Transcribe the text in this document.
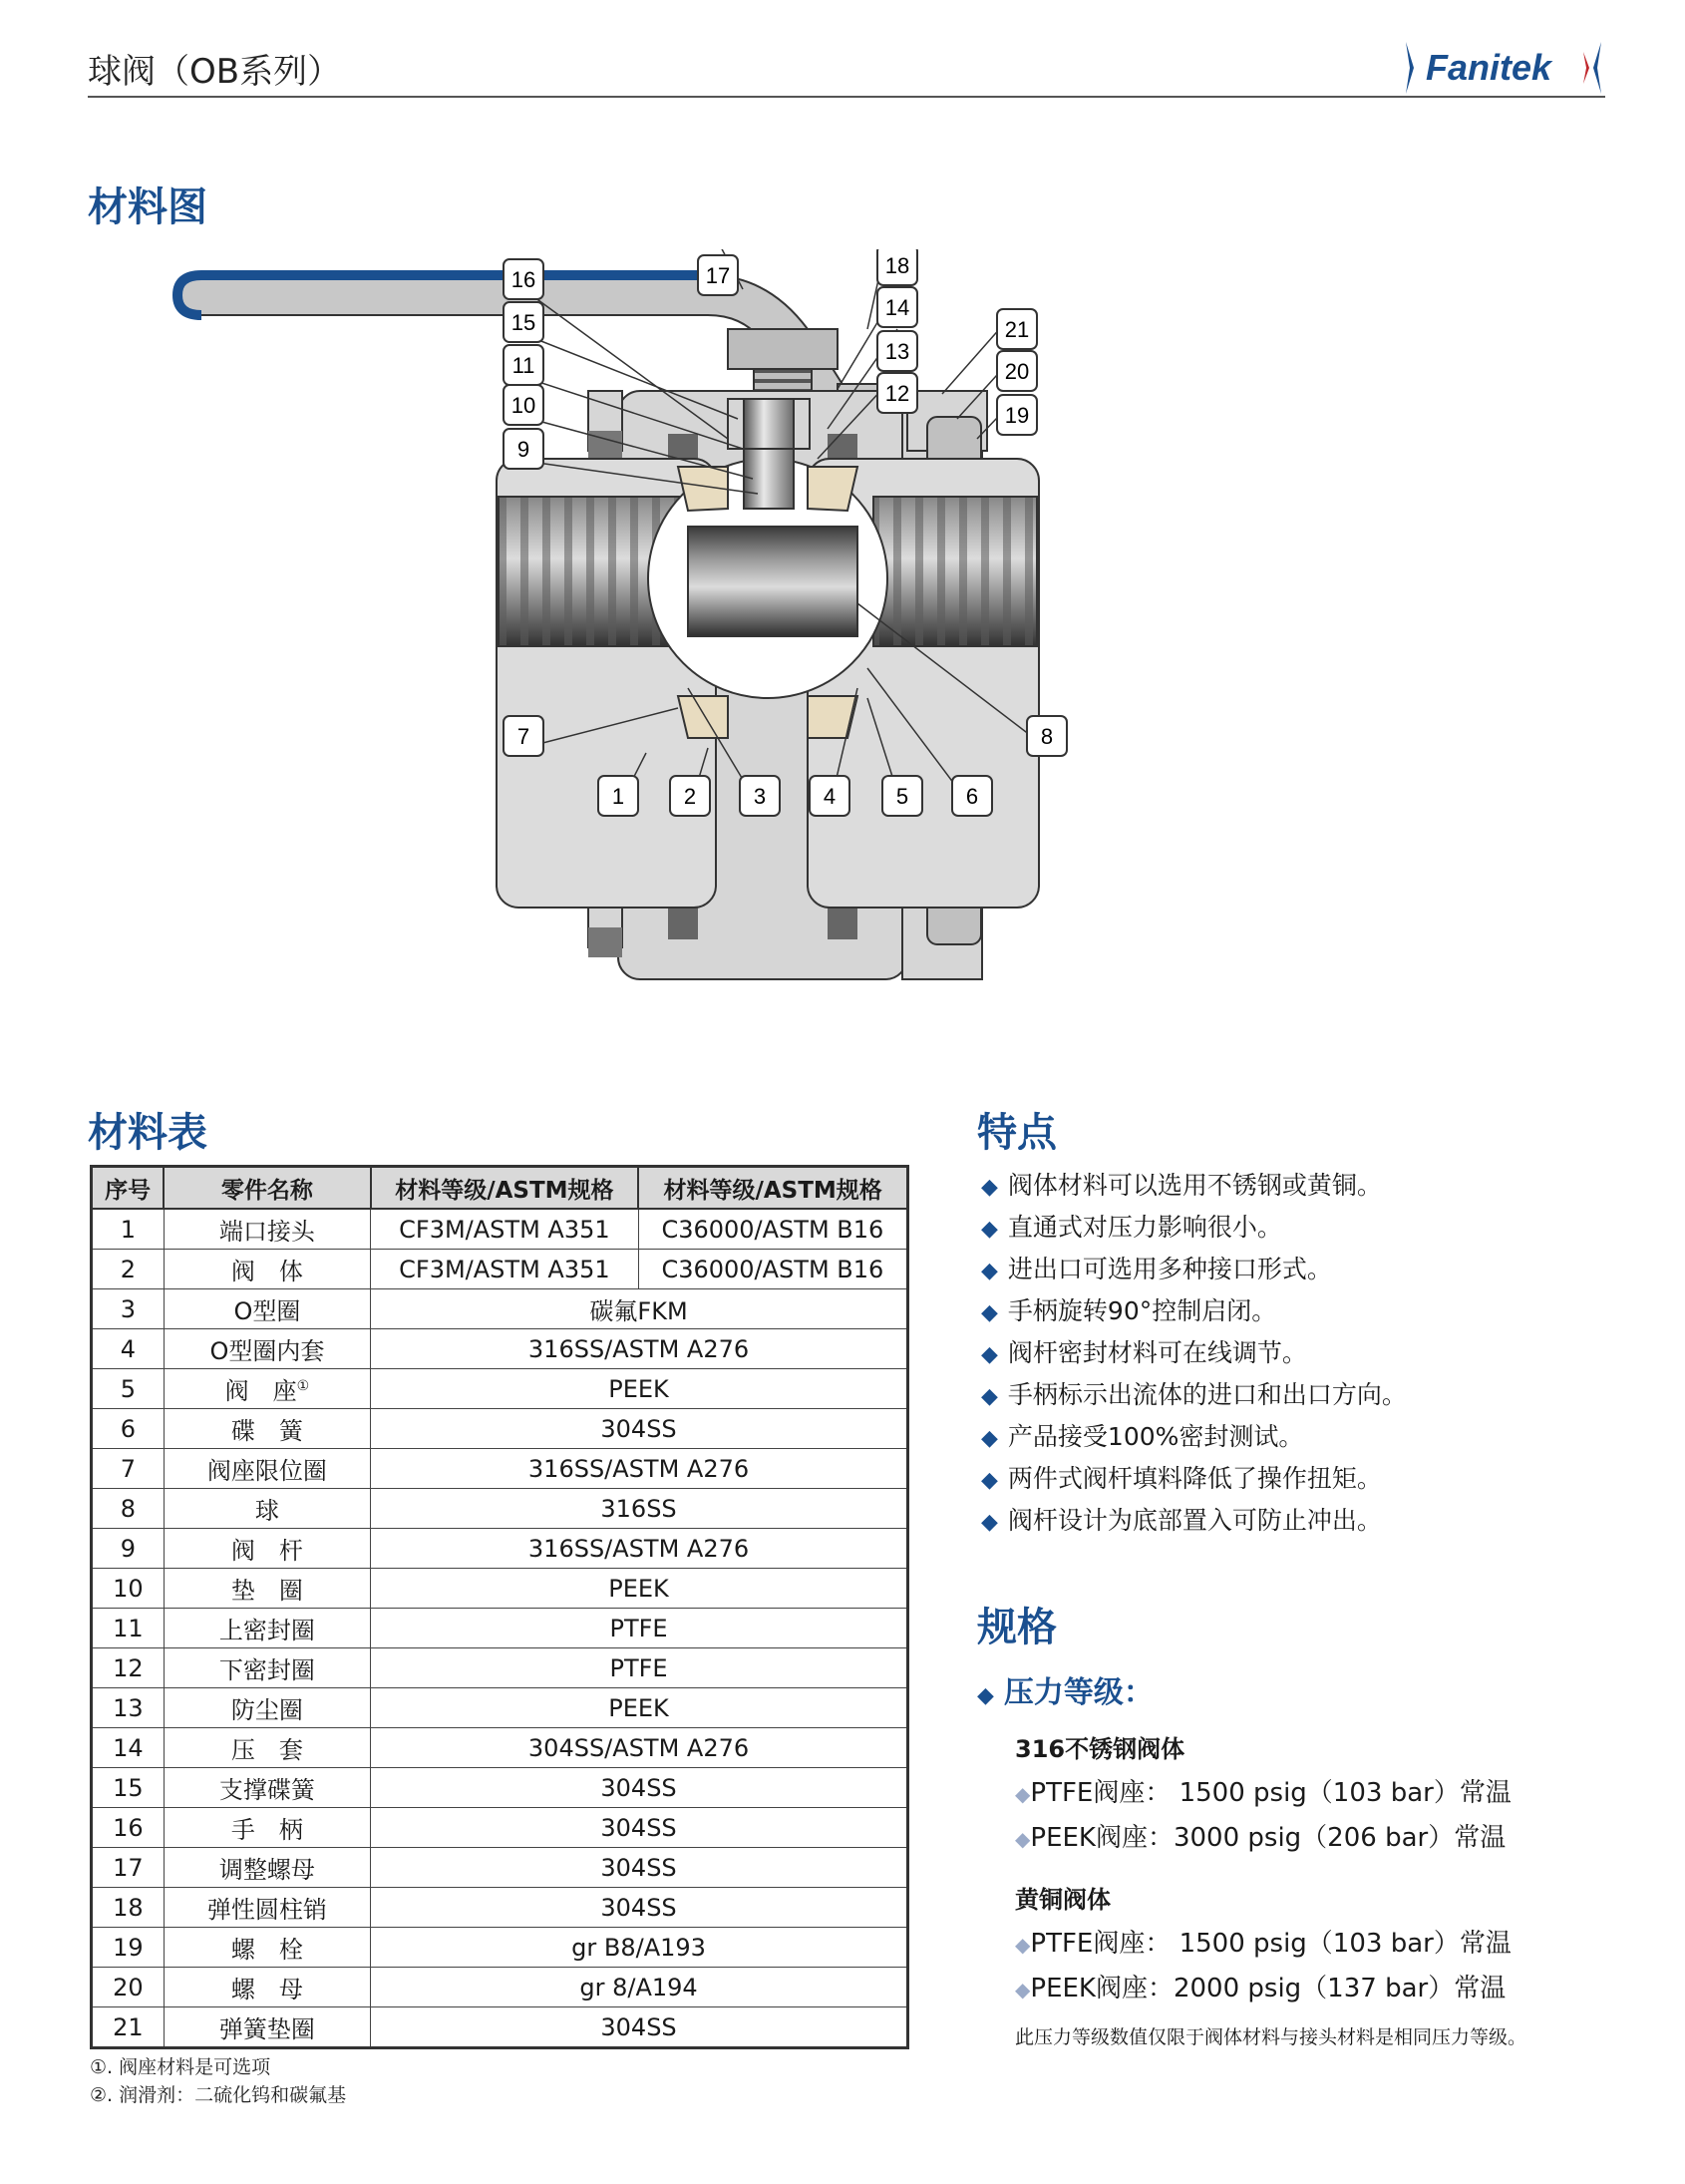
球阀（OB系列）	Fanitek
材料图
1	2	3	4	5	6
7	8
9
10
11
12
13
14
15
16	17	18
19
20
21
材料表
序号	零件名称	材料等级/ASTM规格	材料等级/ASTM规格
1	端口接头	CF3M/ASTM A351	C36000/ASTM B16
2	阀　体	CF3M/ASTM A351	C36000/ASTM B16
3	O型圈	碳氟FKM	
4	O型圈内套	316SS/ASTM A276	
5	阀　座①	PEEK	
6	碟　簧	304SS	
7	阀座限位圈	316SS/ASTM A276	
8	球	316SS	
9	阀　杆	316SS/ASTM A276	
10	垫　圈	PEEK	
11	上密封圈	PTFE	
12	下密封圈	PTFE	
13	防尘圈	PEEK	
14	压　套	304SS/ASTM A276	
15	支撑碟簧	304SS	
16	手　柄	304SS	
17	调整螺母	304SS	
18	弹性圆柱销	304SS	
19	螺　栓	gr B8/A193	
20	螺　母	gr 8/A194	
21	弹簧垫圈	304SS	
①. 阀座材料是可选项
②. 润滑剂：二硫化钨和碳氟基
特点
◆ 阀体材料可以选用不锈钢或黄铜。
◆ 直通式对压力影响很小。
◆ 进出口可选用多种接口形式。
◆ 手柄旋转90°控制启闭。
◆ 阀杆密封材料可在线调节。
◆ 手柄标示出流体的进口和出口方向。
◆ 产品接受100%密封测试。
◆ 两件式阀杆填料降低了操作扭矩。
◆ 阀杆设计为底部置入可防止冲出。
规格
◆ 压力等级：
316不锈钢阀体
◆PTFE阀座： 1500 psig（103 bar）常温
◆PEEK阀座：3000 psig（206 bar）常温
黄铜阀体
◆PTFE阀座： 1500 psig（103 bar）常温
◆PEEK阀座：2000 psig（137 bar）常温
此压力等级数值仅限于阀体材料与接头材料是相同压力等级。
